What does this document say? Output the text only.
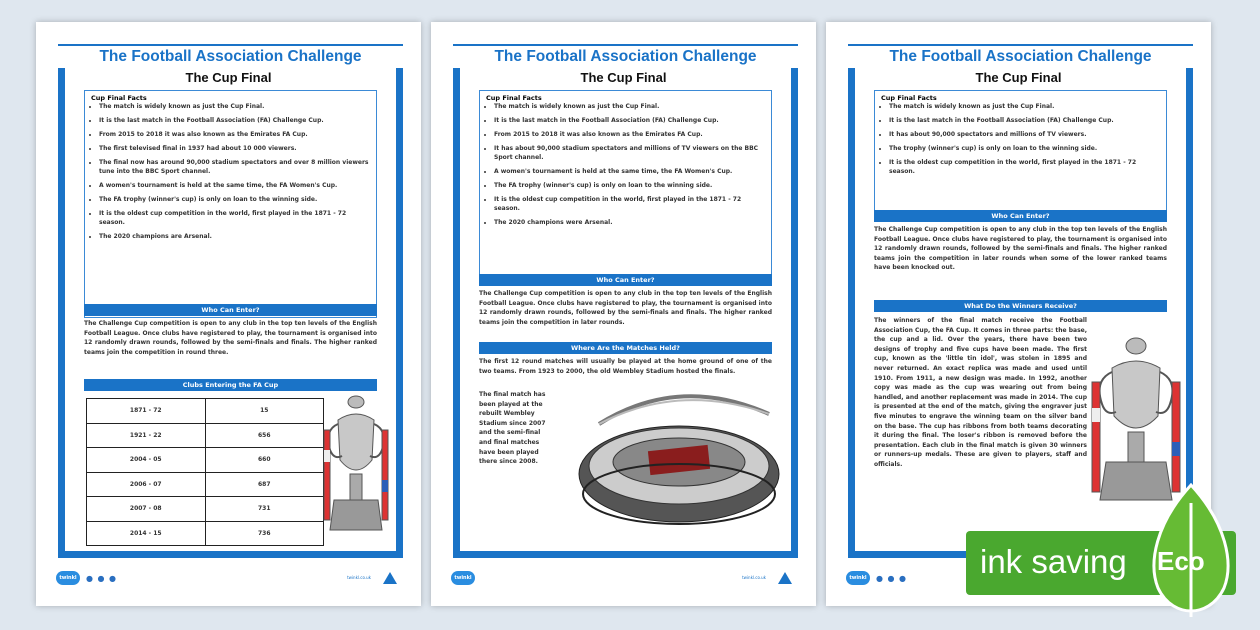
The Football Association Challenge
The Cup Final
Cup Final Facts
• The match is widely known as just the Cup Final.
• It is the last match in the Football Association (FA) Challenge Cup.
• From 2015 to 2018 it was also known as the Emirates FA Cup.
• The first televised final in 1937 had about 10 000 viewers.
• The final now has around 90,000 stadium spectators and over 8 million viewers tune into the BBC Sport channel.
• A women's tournament is held at the same time, the FA Women's Cup.
• The FA trophy (winner's cup) is only on loan to the winning side.
• It is the oldest cup competition in the world, first played in the 1871 - 72 season.
• The 2020 champions are Arsenal.
Who Can Enter?
The Challenge Cup competition is open to any club in the top ten levels of the English Football League. Once clubs have registered to play, the tournament is organised into 12 randomly drawn rounds, followed by the semi-finals and finals. The higher ranked teams join the competition in round three.
Clubs Entering the FA Cup
1871 - 72	15
1921 - 22	656
2004 - 05	660
2006 - 07	687
2007 - 08	731
2014 - 15	736
twinkl	● ● ●	twinkl.co.uk
The Football Association Challenge
The Cup Final
Cup Final Facts
• The match is widely known as just the Cup Final.
• It is the last match in the Football Association (FA) Challenge Cup.
• From 2015 to 2018 it was also known as the Emirates FA Cup.
• It has about 90,000 stadium spectators and millions of TV viewers on the BBC Sport channel.
• A women's tournament is held at the same time, the FA Women's Cup.
• The FA trophy (winner's cup) is only on loan to the winning side.
• It is the oldest cup competition in the world, first played in the 1871 - 72 season.
• The 2020 champions were Arsenal.
Who Can Enter?
The Challenge Cup competition is open to any club in the top ten levels of the English Football League. Once clubs have registered to play, the tournament is organised into 12 randomly drawn rounds, followed by the semi-finals and finals. The higher ranked teams join the competition in later rounds.
Where Are the Matches Held?
The first 12 round matches will usually be played at the home ground of one of the two teams. From 1923 to 2000, the old Wembley Stadium hosted the finals.
The final match has been played at the rebuilt Wembley Stadium since 2007 and the semi-final and final matches have been played there since 2008.
twinkl	twinkl.co.uk
The Football Association Challenge
The Cup Final
Cup Final Facts
• The match is widely known as just the Cup Final.
• It is the last match in the Football Association (FA) Challenge Cup.
• It has about 90,000 spectators and millions of TV viewers.
• The trophy (winner's cup) is only on loan to the winning side.
• It is the oldest cup competition in the world, first played in the 1871 - 72 season.
Who Can Enter?
The Challenge Cup competition is open to any club in the top ten levels of the English Football League. Once clubs have registered to play, the tournament is organised into 12 randomly drawn rounds, followed by the semi-finals and finals. The higher ranked teams join the competition in later rounds when some of the lower ranked teams have been knocked out.
What Do the Winners Receive?
The winners of the final match receive the Football Association Cup, the FA Cup. It comes in three parts: the base, the cup and a lid. Over the years, there have been two designs of trophy and five cups have been made. The first cup, known as the 'little tin idol', was stolen in 1895 and never returned. An exact replica was made and used until 1910. From 1911, a new design was made. In 1992, another copy was made as the cup was wearing out from being handled, and another replacement was made in 2014. The cup is presented at the end of the match, giving the engraver just five minutes to engrave the winning team on the silver band on the base. The cup has ribbons from both teams decorating it during the final. The loser's ribbon is removed before the presentation. Each club in the final match is given 30 winners or runners-up medals. These are given to players, staff and officials.
twinkl	● ● ● ink saving Eco
